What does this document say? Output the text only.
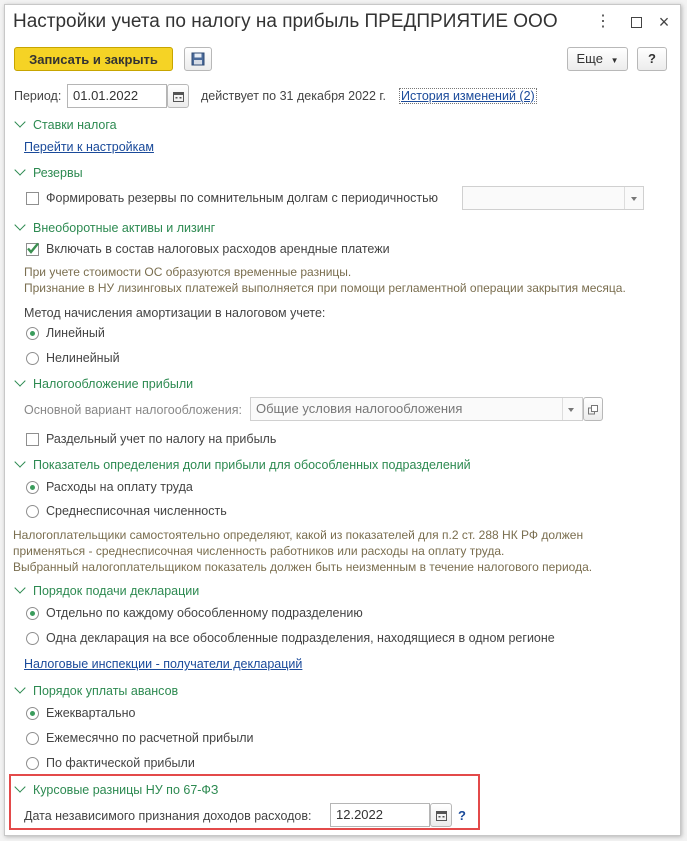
Настройки учета по налогу на прибыль ПРЕДПРИЯТИЕ ООО ⋮	×
Записать и закрыть	Еще ▼	?
Период: 01.01.2022	действует по 31 декабря 2022 г. История изменений (2)
Ставки налога
Перейти к настройкам
Резервы
Формировать резервы по сомнительным долгам с периодичностью
Внеоборотные активы и лизинг
Включать в состав налоговых расходов арендные платежи
При учете стоимости ОС образуются временные разницы.
Признание в НУ лизинговых платежей выполняется при помощи регламентной операции закрытия месяца.
Метод начисления амортизации в налоговом учете:
Линейный
Нелинейный
Налогообложение прибыли
Основной вариант налогообложения:	Общие условия налогообложения
Раздельный учет по налогу на прибыль
Показатель определения доли прибыли для обособленных подразделений
Расходы на оплату труда
Среднесписочная численность
Налогоплательщики самостоятельно определяют, какой из показателей для п.2 ст. 288 НК РФ должен
применяться - среднесписочная численность работников или расходы на оплату труда.
Выбранный налогоплательщиком показатель должен быть неизменным в течение налогового периода.
Порядок подачи декларации
Отдельно по каждому обособленному подразделению
Одна декларация на все обособленные подразделения, находящиеся в одном регионе
Налоговые инспекции - получатели деклараций
Порядок уплаты авансов
Ежеквартально
Ежемесячно по расчетной прибыли
По фактической прибыли
Курсовые разницы НУ по 67-ФЗ
Дата независимого признания доходов расходов:	12.2022	?
